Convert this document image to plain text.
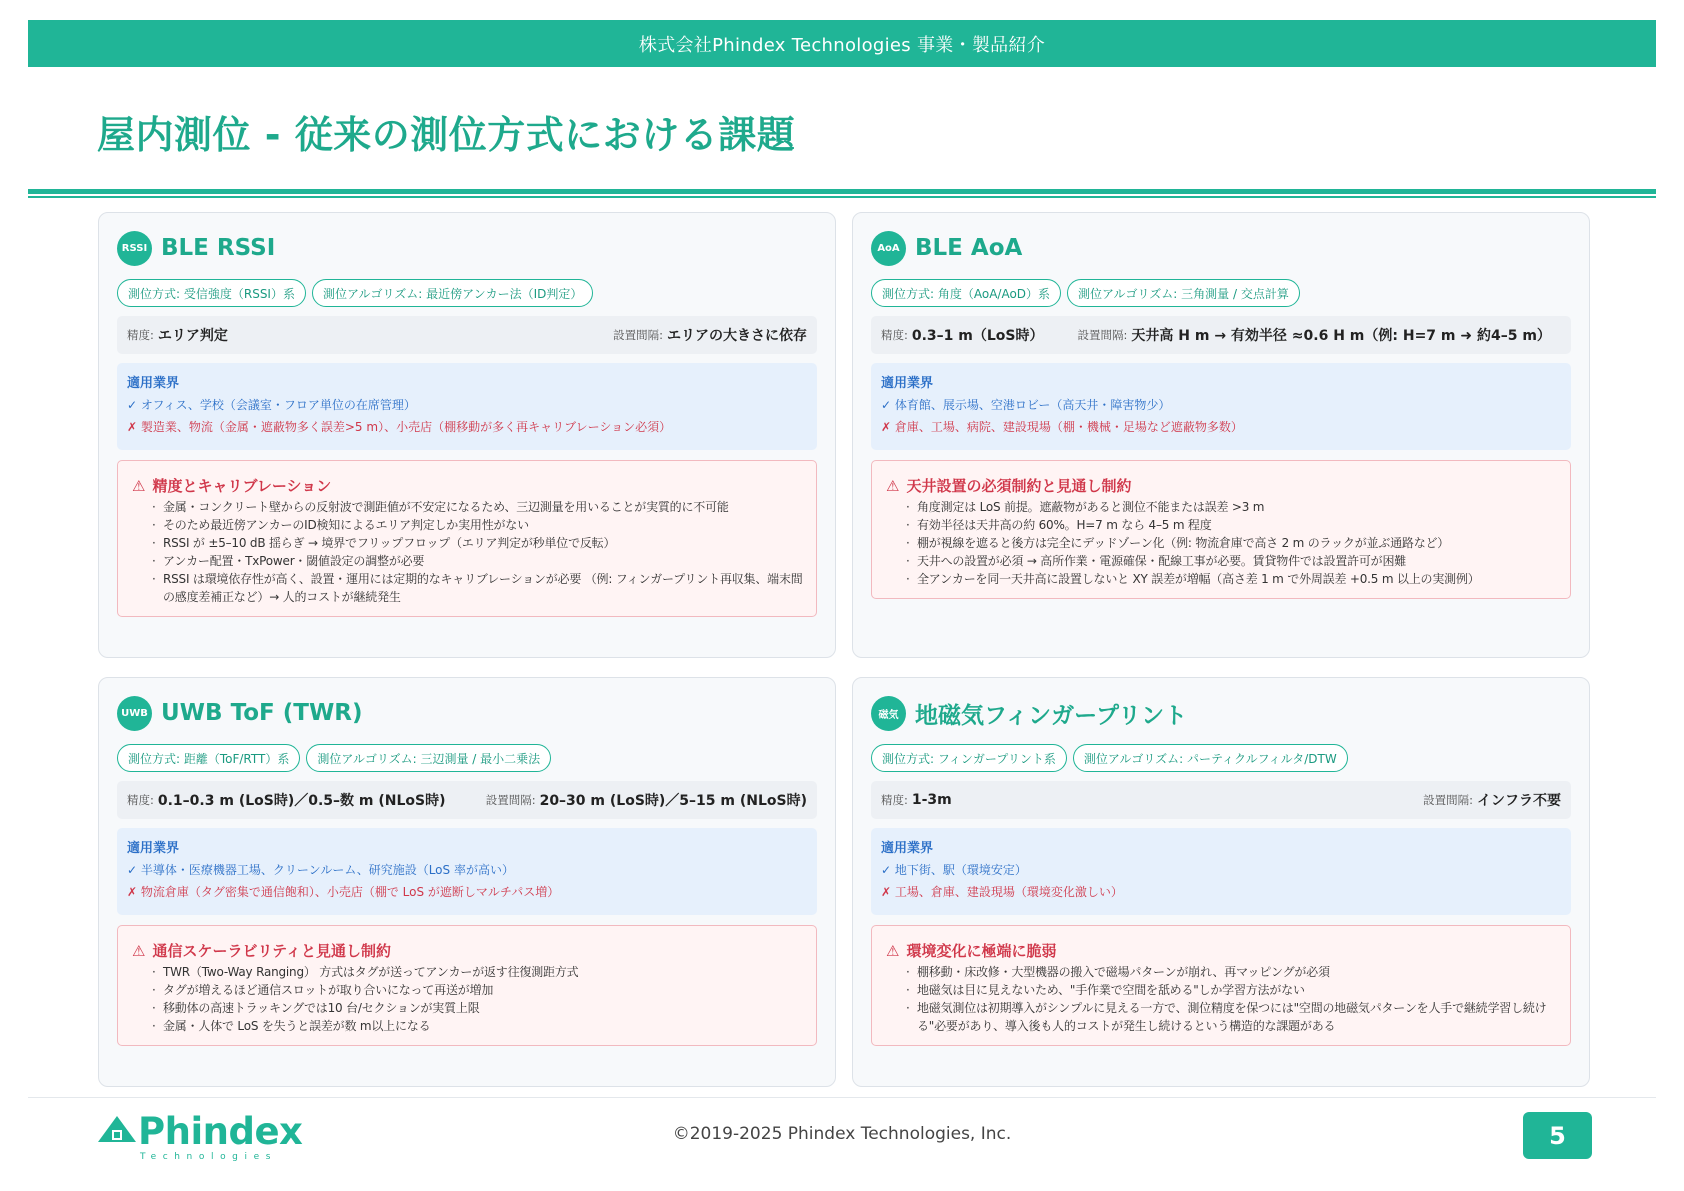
株式会社Phindex Technologies 事業・製品紹介
屋内測位 - 従来の測位方式における課題
RSSI BLE RSSI
測位方式: 受信強度（RSSI）系	測位アルゴリズム: 最近傍アンカー法（ID判定）
精度: エリア判定	設置間隔: エリアの大きさに依存
適用業界
✓ オフィス、学校（会議室・フロア単位の在席管理）
✗ 製造業、物流（金属・遮蔽物多く誤差>5 m）、小売店（棚移動が多く再キャリブレーション必須）
⚠ 精度とキャリブレーション
· 金属・コンクリート壁からの反射波で測距値が不安定になるため、三辺測量を用いることが実質的に不可能
· そのため最近傍アンカーのID検知によるエリア判定しか実用性がない
· RSSI が ±5–10 dB 揺らぎ → 境界でフリップフロップ（エリア判定が秒単位で反転）
· アンカー配置・TxPower・閾値設定の調整が必要
· RSSI は環境依存性が高く、設置・運用には定期的なキャリブレーションが必要 （例: フィンガープリント再収集、端末間の感度差補正など）→ 人的コストが継続発生
AoA BLE AoA
測位方式: 角度（AoA/AoD）系	測位アルゴリズム: 三角測量 / 交点計算
精度: 0.3–1 m（LoS時）	設置間隔: 天井高 H m → 有効半径 ≈0.6 H m（例: H=7 m ➜ 約4–5 m）
適用業界
✓ 体育館、展示場、空港ロビー（高天井・障害物少）
✗ 倉庫、工場、病院、建設現場（棚・機械・足場など遮蔽物多数）
⚠ 天井設置の必須制約と見通し制約
· 角度測定は LoS 前提。遮蔽物があると測位不能または誤差 >3 m
· 有効半径は天井高の約 60%。H=7 m なら 4–5 m 程度
· 棚が視線を遮ると後方は完全にデッドゾーン化（例: 物流倉庫で高さ 2 m のラックが並ぶ通路など）
· 天井への設置が必須 → 高所作業・電源確保・配線工事が必要。賃貸物件では設置許可が困難
· 全アンカーを同一天井高に設置しないと XY 誤差が増幅（高さ差 1 m で外周誤差 +0.5 m 以上の実測例）
UWB UWB ToF (TWR)
測位方式: 距離（ToF/RTT）系	測位アルゴリズム: 三辺測量 / 最小二乗法
精度: 0.1–0.3 m (LoS時)／0.5–数 m (NLoS時)	設置間隔: 20–30 m (LoS時)／5–15 m (NLoS時)
適用業界
✓ 半導体・医療機器工場、クリーンルーム、研究施設（LoS 率が高い）
✗ 物流倉庫（タグ密集で通信飽和）、小売店（棚で LoS が遮断しマルチパス増）
⚠ 通信スケーラビリティと見通し制約
· TWR（Two-Way Ranging） 方式はタグが送ってアンカーが返す往復測距方式
· タグが増えるほど通信スロットが取り合いになって再送が増加
· 移動体の高速トラッキングでは10 台/セクションが実質上限
· 金属・人体で LoS を失うと誤差が数 m以上になる
磁気 地磁気フィンガープリント
測位方式: フィンガープリント系	測位アルゴリズム: パーティクルフィルタ/DTW
精度: 1-3m	設置間隔: インフラ不要
適用業界
✓ 地下街、駅（環境安定）
✗ 工場、倉庫、建設現場（環境変化激しい）
⚠ 環境変化に極端に脆弱
· 棚移動・床改修・大型機器の搬入で磁場パターンが崩れ、再マッピングが必須
· 地磁気は目に見えないため、"手作業で空間を舐める"しか学習方法がない
· 地磁気測位は初期導入がシンプルに見える一方で、測位精度を保つには"空間の地磁気パターンを人手で継続学習し続ける"必要があり、導入後も人的コストが発生し続けるという構造的な課題がある
Phindex
Technologies
©2019-2025 Phindex Technologies, Inc.	5
